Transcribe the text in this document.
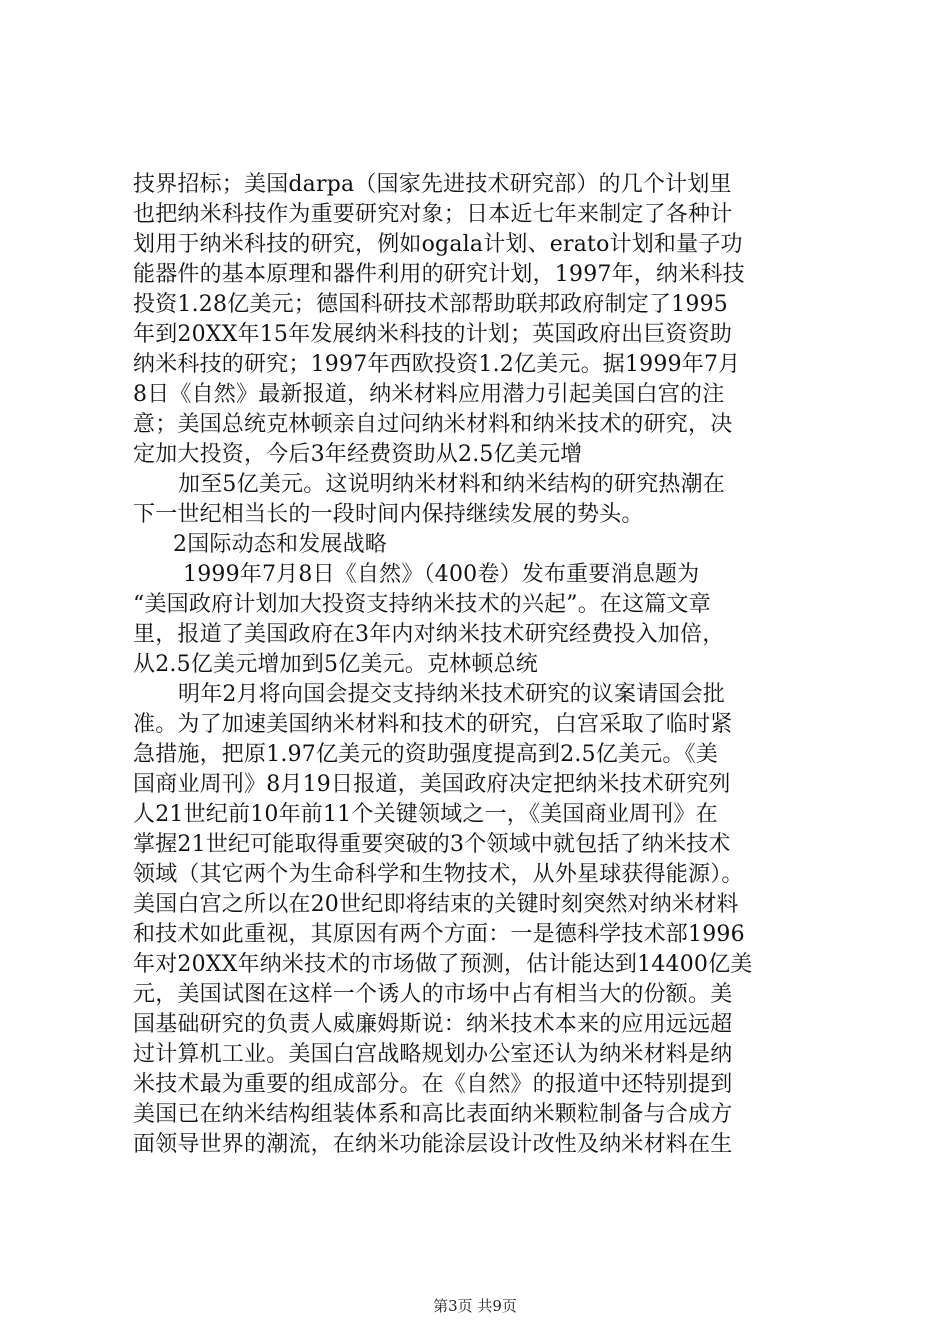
技界招标；美国darpa（国家先进技术研究部）的几个计划里
也把纳米科技作为重要研究对象；日本近七年来制定了各种计
划用于纳米科技的研究，例如ogala计划、erato计划和量子功
能器件的基本原理和器件利用的研究计划，1997年，纳米科技
投资1.28亿美元；德国科研技术部帮助联邦政府制定了1995
年到20XX年15年发展纳米科技的计划；英国政府出巨资资助
纳米科技的研究；1997年西欧投资1.2亿美元。据1999年7月
8日《自然》最新报道，纳米材料应用潜力引起美国白宫的注
意；美国总统克林顿亲自过问纳米材料和纳米技术的研究，决
定加大投资，今后3年经费资助从2.5亿美元增
加至5亿美元。这说明纳米材料和纳米结构的研究热潮在
下一世纪相当长的一段时间内保持继续发展的势头。
2国际动态和发展战略
1999年7月8日《自然》（400卷）发布重要消息题为
“美国政府计划加大投资支持纳米技术的兴起”。在这篇文章
里，报道了美国政府在3年内对纳米技术研究经费投入加倍，
从2.5亿美元增加到5亿美元。克林顿总统
明年2月将向国会提交支持纳米技术研究的议案请国会批
准。为了加速美国纳米材料和技术的研究，白宫采取了临时紧
急措施，把原1.97亿美元的资助强度提高到2.5亿美元。《美
国商业周刊》8月19日报道，美国政府决定把纳米技术研究列
人21世纪前10年前11个关键领域之一，《美国商业周刊》在
掌握21世纪可能取得重要突破的3个领域中就包括了纳米技术
领域（其它两个为生命科学和生物技术，从外星球获得能源）。
美国白宫之所以在20世纪即将结束的关键时刻突然对纳米材料
和技术如此重视，其原因有两个方面：一是德科学技术部1996
年对20XX年纳米技术的市场做了预测，估计能达到14400亿美
元，美国试图在这样一个诱人的市场中占有相当大的份额。美
国基础研究的负责人威廉姆斯说：纳米技术本来的应用远远超
过计算机工业。美国白宫战略规划办公室还认为纳米材料是纳
米技术最为重要的组成部分。在《自然》的报道中还特别提到
美国已在纳米结构组装体系和高比表面纳米颗粒制备与合成方
面领导世界的潮流，在纳米功能涂层设计改性及纳米材料在生
第3页 共9页
